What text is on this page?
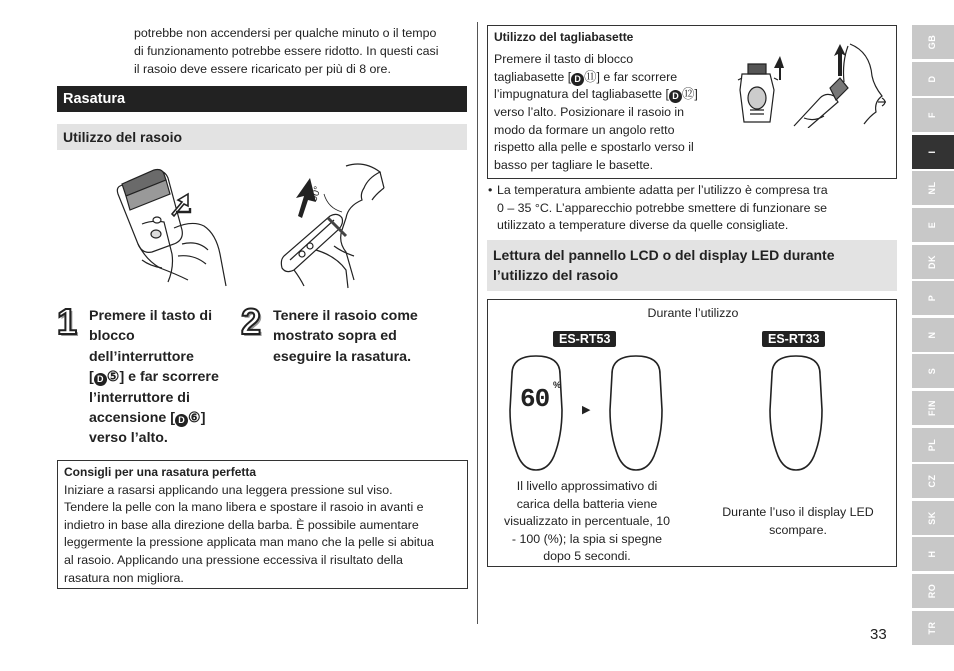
potrebbe non accendersi per qualche minuto o il tempo
di funzionamento potrebbe essere ridotto. In questi casi
il rasoio deve essere ricaricato per più di 8 ore.
Rasatura
Utilizzo del rasoio
90°
1 Premere il tasto di
blocco
dell’interruttore
[ D ⑤] e far scorrere
l’interruttore di
accensione [ D ⑥]
verso l’alto.
2 Tenere il rasoio come
mostrato sopra ed
eseguire la rasatura.
Consigli per una rasatura perfetta
Iniziare a rasarsi applicando una leggera pressione sul viso.
Tendere la pelle con la mano libera e spostare il rasoio in avanti e
indietro in base alla direzione della barba. È possibile aumentare
leggermente la pressione applicata man mano che la pelle si abitua
al rasoio. Applicando una pressione eccessiva il risultato della
rasatura non migliora.
Utilizzo del tagliabasette
Premere il tasto di blocco
tagliabasette [ D ⑪] e far scorrere
l’impugnatura del tagliabasette [ D ⑫]
verso l’alto. Posizionare il rasoio in
modo da formare un angolo retto
rispetto alla pelle e spostarlo verso il
basso per tagliare le basette.
• La temperatura ambiente adatta per l’utilizzo è compresa tra
0 – 35 °C. L’apparecchio potrebbe smettere di funzionare se
utilizzato a temperature diverse da quelle consigliate.
Lettura del pannello LCD o del display LED durante
l’utilizzo del rasoio
Durante l’utilizzo
ES-RT53	ES-RT33
60 %
▶
Il livello approssimativo di
carica della batteria viene
visualizzato in percentuale, 10
- 100 (%); la spia si spegne
dopo 5 secondi.
Durante l’uso il display LED
scompare.
GB
D
F
I
NL
E
DK
P
N
S
FIN
PL
CZ
SK
H
RO
TR
33
